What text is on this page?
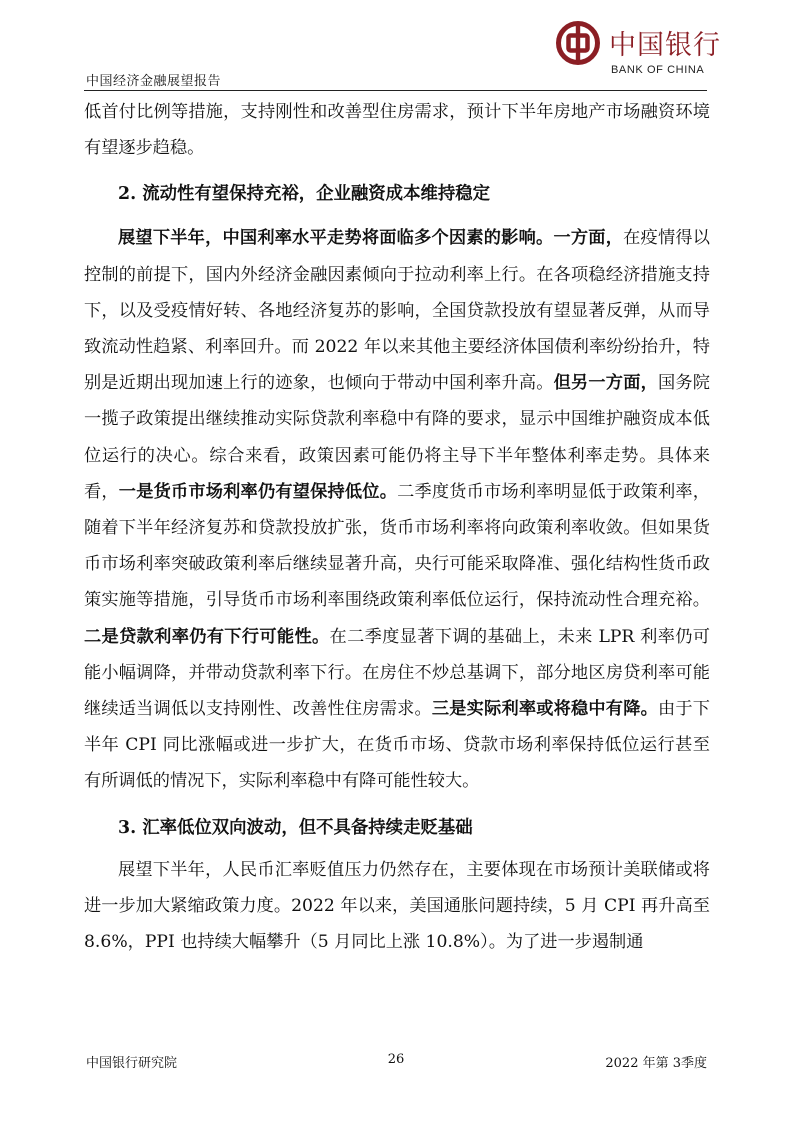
中国经济金融展望报告
中国银行
BANK OF CHINA

低首付比例等措施，支持刚性和改善型住房需求，预计下半年房地产市场融资环境有望逐步趋稳。

2. 流动性有望保持充裕，企业融资成本维持稳定

展望下半年，中国利率水平走势将面临多个因素的影响。一方面，在疫情得以控制的前提下，国内外经济金融因素倾向于拉动利率上行。在各项稳经济措施支持下，以及受疫情好转、各地经济复苏的影响，全国贷款投放有望显著反弹，从而导致流动性趋紧、利率回升。而 2022 年以来其他主要经济体国债利率纷纷抬升，特别是近期出现加速上行的迹象，也倾向于带动中国利率升高。但另一方面，国务院一揽子政策提出继续推动实际贷款利率稳中有降的要求，显示中国维护融资成本低位运行的决心。综合来看，政策因素可能仍将主导下半年整体利率走势。具体来看，一是货币市场利率仍有望保持低位。二季度货币市场利率明显低于政策利率，随着下半年经济复苏和贷款投放扩张，货币市场利率将向政策利率收敛。但如果货币市场利率突破政策利率后继续显著升高，央行可能采取降准、强化结构性货币政策实施等措施，引导货币市场利率围绕政策利率低位运行，保持流动性合理充裕。二是贷款利率仍有下行可能性。在二季度显著下调的基础上，未来 LPR 利率仍可能小幅调降，并带动贷款利率下行。在房住不炒总基调下，部分地区房贷利率可能继续适当调低以支持刚性、改善性住房需求。三是实际利率或将稳中有降。由于下半年 CPI 同比涨幅或进一步扩大，在货币市场、贷款市场利率保持低位运行甚至有所调低的情况下，实际利率稳中有降可能性较大。

3. 汇率低位双向波动，但不具备持续走贬基础

展望下半年，人民币汇率贬值压力仍然存在，主要体现在市场预计美联储或将进一步加大紧缩政策力度。2022 年以来，美国通胀问题持续，5 月 CPI 再升高至 8.6%，PPI 也持续大幅攀升（5 月同比上涨 10.8%）。为了进一步遏制通

中国银行研究院	26	2022 年第 3季度
